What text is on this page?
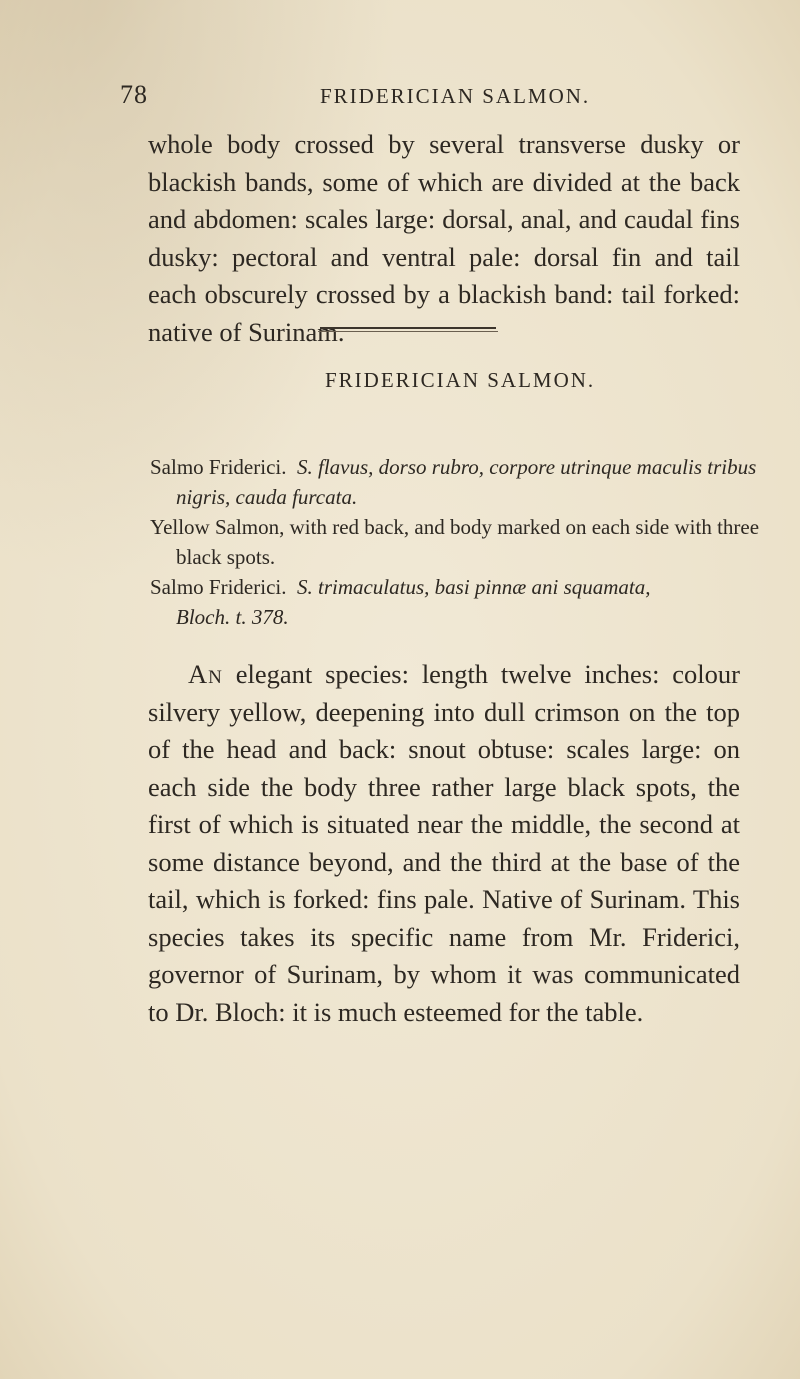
78	FRIDERICIAN SALMON.

whole body crossed by several transverse dusky or blackish bands, some of which are divided at the back and abdomen: scales large: dorsal, anal, and caudal fins dusky: pectoral and ventral pale: dorsal fin and tail each obscurely crossed by a blackish band: tail forked: native of Surinam.

FRIDERICIAN SALMON.

Salmo Friderici. S. flavus, dorso rubro, corpore utrinque maculis tribus nigris, cauda furcata.

Yellow Salmon, with red back, and body marked on each side with three black spots.

Salmo Friderici. S. trimaculatus, basi pinnæ ani squamata,
Bloch. t. 378.

An elegant species: length twelve inches: colour silvery yellow, deepening into dull crimson on the top of the head and back: snout obtuse: scales large: on each side the body three rather large black spots, the first of which is situated near the middle, the second at some distance beyond, and the third at the base of the tail, which is forked: fins pale. Native of Surinam. This species takes its specific name from Mr. Friderici, governor of Surinam, by whom it was communicated to Dr. Bloch: it is much esteemed for the table.
